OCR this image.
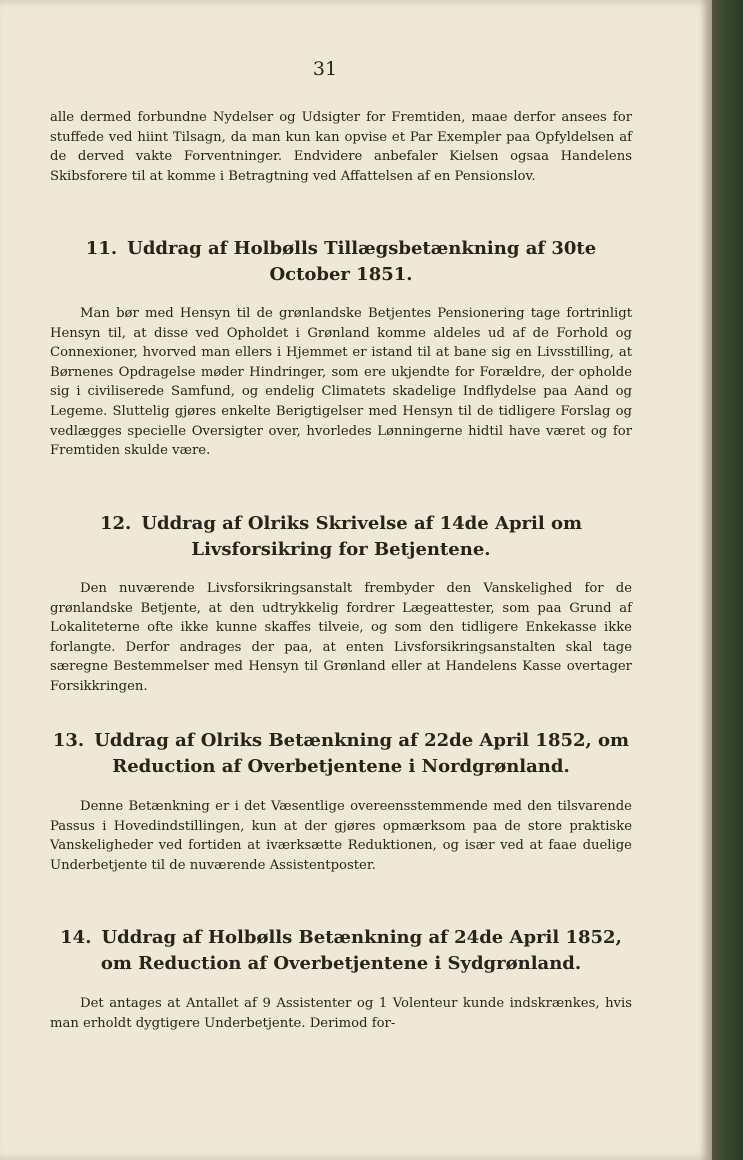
31

alle dermed forbundne Nydelser og Udsigter for Fremtiden, maae derfor ansees for stuffede ved hiint Tilsagn, da man kun kan opvise et Par Exempler paa Opfyldelsen af de derved vakte Forventninger. Endvidere anbefaler Kielsen ogsaa Handelens Skibsforere til at komme i Betragtning ved Affattelsen af en Pensionslov.

11. Uddrag af Holbølls Tillægsbetænkning af 30te October 1851.

Man bør med Hensyn til de grønlandske Betjentes Pensionering tage fortrinligt Hensyn til, at disse ved Opholdet i Grønland komme aldeles ud af de Forhold og Connexioner, hvorved man ellers i Hjemmet er istand til at bane sig en Livsstilling, at Børnenes Opdragelse møder Hindringer, som ere ukjendte for Forældre, der opholde sig i civiliserede Samfund, og endelig Climatets skadelige Indflydelse paa Aand og Legeme. Sluttelig gjøres enkelte Berigtigelser med Hensyn til de tidligere Forslag og vedlægges specielle Oversigter over, hvorledes Lønningerne hidtil have været og for Fremtiden skulde være.

12. Uddrag af Olriks Skrivelse af 14de April om Livsforsikring for Betjentene.

Den nuværende Livsforsikringsanstalt frembyder den Vanskelighed for de grønlandske Betjente, at den udtrykkelig fordrer Lægeattester, som paa Grund af Lokaliteterne ofte ikke kunne skaffes tilveie, og som den tidligere Enkekasse ikke forlangte. Derfor andrages der paa, at enten Livsforsikringsanstalten skal tage særegne Bestemmelser med Hensyn til Grønland eller at Handelens Kasse overtager Forsikkringen.

13. Uddrag af Olriks Betænkning af 22de April 1852, om Reduction af Overbetjentene i Nordgrønland.

Denne Betænkning er i det Væsentlige overeensstemmende med den tilsvarende Passus i Hovedindstillingen, kun at der gjøres opmærksom paa de store praktiske Vanskeligheder ved fortiden at iværksætte Reduktionen, og især ved at faae duelige Underbetjente til de nuværende Assistentposter.

14. Uddrag af Holbølls Betænkning af 24de April 1852, om Reduction af Overbetjentene i Sydgrønland.

Det antages at Antallet af 9 Assistenter og 1 Volenteur kunde indskrænkes, hvis man erholdt dygtigere Underbetjente. Derimod for-
